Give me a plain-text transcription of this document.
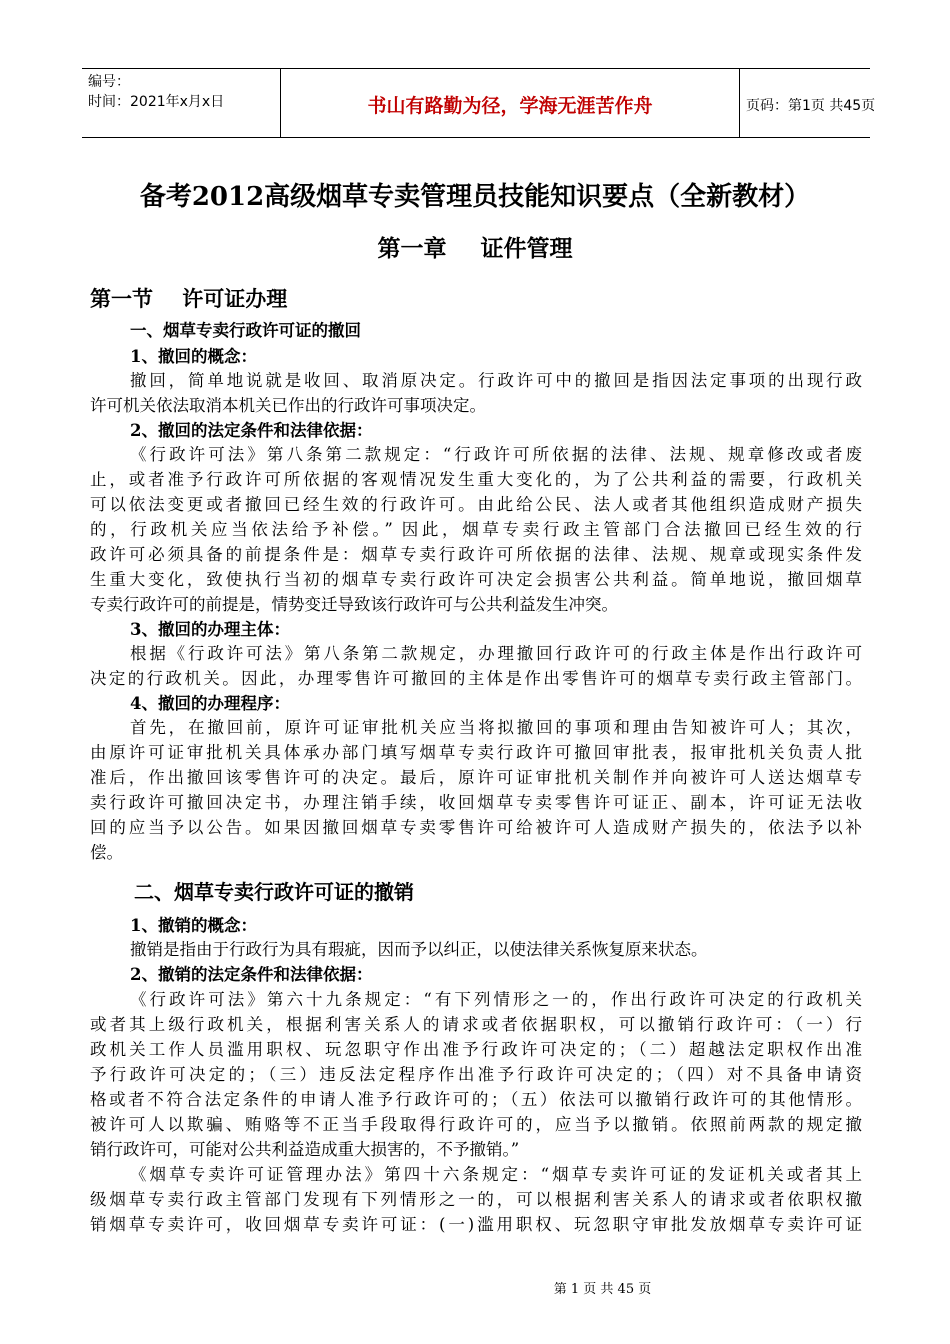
编号：
时间：2021年x月x日	书山有路勤为径，学海无涯苦作舟	页码：第1页 共45页
备考2012高级烟草专卖管理员技能知识要点（全新教材）
第一章 证件管理
第一节    许可证办理
一、烟草专卖行政许可证的撤回
1、撤回的概念：
撤回，简单地说就是收回、取消原决定。行政许可中的撤回是指因法定事项的出现行政
许可机关依法取消本机关已作出的行政许可事项决定。
2、撤回的法定条件和法律依据：
《行政许可法》第八条第二款规定：“行政许可所依据的法律、法规、规章修改或者废
止，或者准予行政许可所依据的客观情况发生重大变化的，为了公共利益的需要，行政机关
可以依法变更或者撤回已经生效的行政许可。由此给公民、法人或者其他组织造成财产损失
的，行政机关应当依法给予补偿。” 因此，烟草专卖行政主管部门合法撤回已经生效的行
政许可必须具备的前提条件是：烟草专卖行政许可所依据的法律、法规、规章或现实条件发
生重大变化，致使执行当初的烟草专卖行政许可决定会损害公共利益。简单地说，撤回烟草
专卖行政许可的前提是，情势变迁导致该行政许可与公共利益发生冲突。
3、撤回的办理主体：
根据《行政许可法》第八条第二款规定，办理撤回行政许可的行政主体是作出行政许可
决定的行政机关。因此，办理零售许可撤回的主体是作出零售许可的烟草专卖行政主管部门。
4、撤回的办理程序：
首先，在撤回前，原许可证审批机关应当将拟撤回的事项和理由告知被许可人；其次，
由原许可证审批机关具体承办部门填写烟草专卖行政许可撤回审批表，报审批机关负责人批
准后，作出撤回该零售许可的决定。最后，原许可证审批机关制作并向被许可人送达烟草专
卖行政许可撤回决定书，办理注销手续，收回烟草专卖零售许可证正、副本，许可证无法收
回的应当予以公告。如果因撤回烟草专卖零售许可给被许可人造成财产损失的，依法予以补
偿。
二、烟草专卖行政许可证的撤销
1、撤销的概念：
撤销是指由于行政行为具有瑕疵，因而予以纠正，以使法律关系恢复原来状态。
2、撤销的法定条件和法律依据：
《行政许可法》第六十九条规定：“有下列情形之一的，作出行政许可决定的行政机关
或者其上级行政机关，根据利害关系人的请求或者依据职权，可以撤销行政许可：（一）行
政机关工作人员滥用职权、玩忽职守作出准予行政许可决定的；（二）超越法定职权作出准
予行政许可决定的；（三）违反法定程序作出准予行政许可决定的；（四）对不具备申请资
格或者不符合法定条件的申请人准予行政许可的；（五）依法可以撤销行政许可的其他情形。
被许可人以欺骗、贿赂等不正当手段取得行政许可的，应当予以撤销。依照前两款的规定撤
销行政许可，可能对公共利益造成重大损害的，不予撤销。”
《烟草专卖许可证管理办法》第四十六条规定：“烟草专卖许可证的发证机关或者其上
级烟草专卖行政主管部门发现有下列情形之一的，可以根据利害关系人的请求或者依职权撤
销烟草专卖许可，收回烟草专卖许可证：(一)滥用职权、玩忽职守审批发放烟草专卖许可证
第 1 页 共 45 页
